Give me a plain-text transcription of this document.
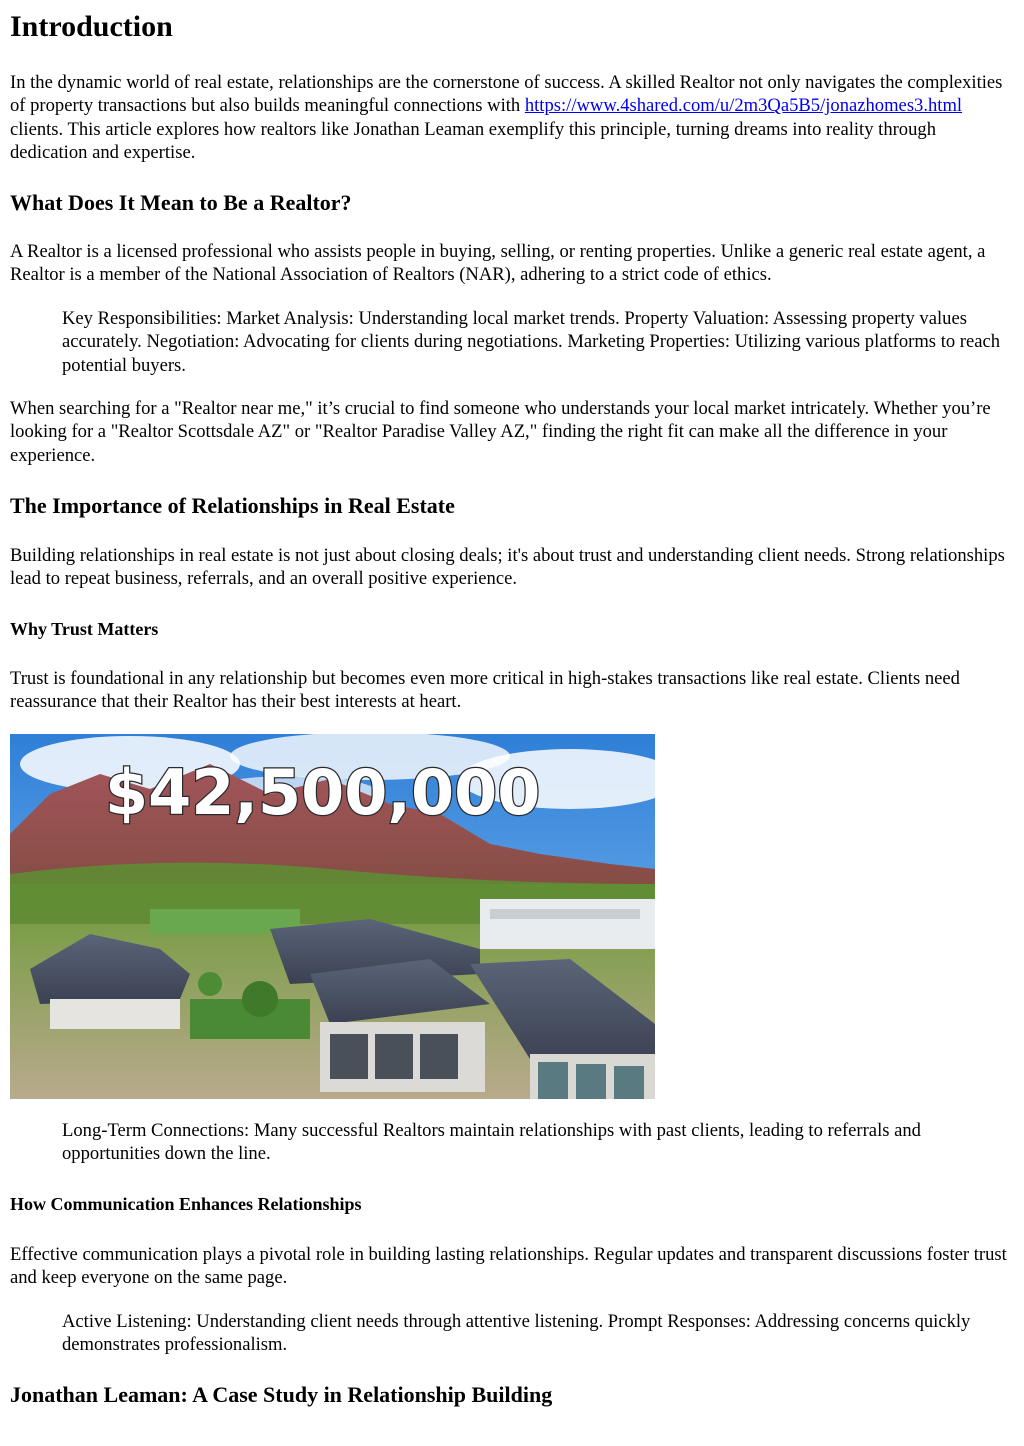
Introduction

In the dynamic world of real estate, relationships are the cornerstone of success. A skilled Realtor not only navigates the complexities of property transactions but also builds meaningful connections with https://www.4shared.com/u/2m3Qa5B5/jonazhomes3.html clients. This article explores how realtors like Jonathan Leaman exemplify this principle, turning dreams into reality through dedication and expertise.

What Does It Mean to Be a Realtor?

A Realtor is a licensed professional who assists people in buying, selling, or renting properties. Unlike a generic real estate agent, a Realtor is a member of the National Association of Realtors (NAR), adhering to a strict code of ethics.

Key Responsibilities: Market Analysis: Understanding local market trends. Property Valuation: Assessing property values accurately. Negotiation: Advocating for clients during negotiations. Marketing Properties: Utilizing various platforms to reach potential buyers.

When searching for a "Realtor near me," it’s crucial to find someone who understands your local market intricately. Whether you’re looking for a "Realtor Scottsdale AZ" or "Realtor Paradise Valley AZ," finding the right fit can make all the difference in your experience.

The Importance of Relationships in Real Estate

Building relationships in real estate is not just about closing deals; it's about trust and understanding client needs. Strong relationships lead to repeat business, referrals, and an overall positive experience.

Why Trust Matters

Trust is foundational in any relationship but becomes even more critical in high-stakes transactions like real estate. Clients need reassurance that their Realtor has their best interests at heart.

$42,500,000
Long-Term Connections: Many successful Realtors maintain relationships with past clients, leading to referrals and opportunities down the line.
How Communication Enhances Relationships

Effective communication plays a pivotal role in building lasting relationships. Regular updates and transparent discussions foster trust and keep everyone on the same page.

Active Listening: Understanding client needs through attentive listening. Prompt Responses: Addressing concerns quickly demonstrates professionalism.
Jonathan Leaman: A Case Study in Relationship Building
